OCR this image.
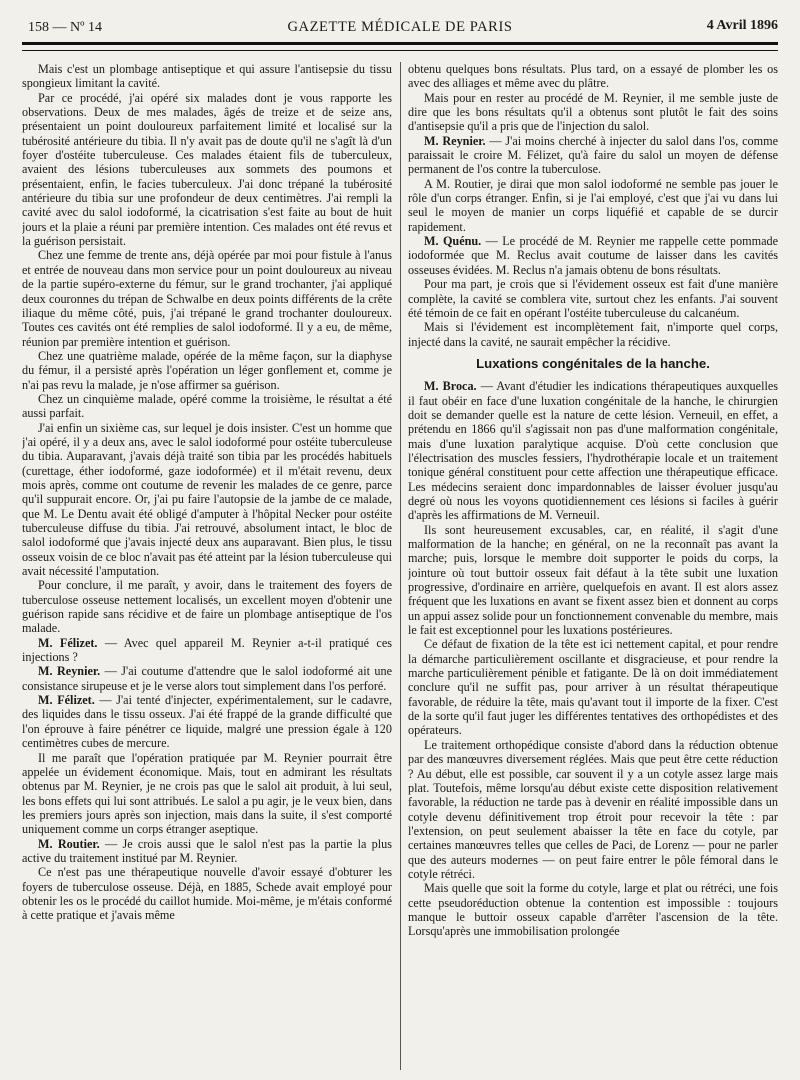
158 — Nº 14	GAZETTE MÉDICALE DE PARIS	4 Avril 1896

Mais c'est un plombage antiseptique et qui assure l'antisepsie du tissu spongieux limitant la cavité.

Par ce procédé, j'ai opéré six malades dont je vous rapporte les observations. Deux de mes malades, âgés de treize et de seize ans, présentaient un point douloureux parfaitement limité et localisé sur la tubérosité antérieure du tibia. Il n'y avait pas de doute qu'il ne s'agît là d'un foyer d'ostéite tuberculeuse. Ces malades étaient fils de tuberculeux, avaient des lésions tuberculeuses aux sommets des poumons et présentaient, enfin, le facies tuberculeux. J'ai donc trépané la tubérosité antérieure du tibia sur une profondeur de deux centimètres. J'ai rempli la cavité avec du salol iodoformé, la cicatrisation s'est faite au bout de huit jours et la plaie a réuni par première intention. Ces malades ont été revus et la guérison persistait.

Chez une femme de trente ans, déjà opérée par moi pour fistule à l'anus et entrée de nouveau dans mon service pour un point douloureux au niveau de la partie supéro-externe du fémur, sur le grand trochanter, j'ai appliqué deux couronnes du trépan de Schwalbe en deux points différents de la crête iliaque du même côté, puis, j'ai trépané le grand trochanter douloureux. Toutes ces cavités ont été remplies de salol iodoformé. Il y a eu, de même, réunion par première intention et guérison.

Chez une quatrième malade, opérée de la même façon, sur la diaphyse du fémur, il a persisté après l'opération un léger gonflement et, comme je n'ai pas revu la malade, je n'ose affirmer sa guérison.

Chez un cinquième malade, opéré comme la troisième, le résultat a été aussi parfait.

J'ai enfin un sixième cas, sur lequel je dois insister. C'est un homme que j'ai opéré, il y a deux ans, avec le salol iodoformé pour ostéite tuberculeuse du tibia. Auparavant, j'avais déjà traité son tibia par les procédés habituels (curettage, éther iodoformé, gaze iodoformée) et il m'était revenu, deux mois après, comme ont coutume de revenir les malades de ce genre, parce qu'il suppurait encore. Or, j'ai pu faire l'autopsie de la jambe de ce malade, que M. Le Dentu avait été obligé d'amputer à l'hôpital Necker pour ostéite tuberculeuse diffuse du tibia. J'ai retrouvé, absolument intact, le bloc de salol iodoformé que j'avais injecté deux ans auparavant. Bien plus, le tissu osseux voisin de ce bloc n'avait pas été atteint par la lésion tuberculeuse qui avait nécessité l'amputation.

Pour conclure, il me paraît, y avoir, dans le traitement des foyers de tuberculose osseuse nettement localisés, un excellent moyen d'obtenir une guérison rapide sans récidive et de faire un plombage antiseptique de l'os malade.

M. Félizet. — Avec quel appareil M. Reynier a-t-il pratiqué ces injections ?

M. Reynier. — J'ai coutume d'attendre que le salol iodoformé ait une consistance sirupeuse et je le verse alors tout simplement dans l'os perforé.

M. Félizet. — J'ai tenté d'injecter, expérimentalement, sur le cadavre, des liquides dans le tissu osseux. J'ai été frappé de la grande difficulté que l'on éprouve à faire pénétrer ce liquide, malgré une pression égale à 120 centimètres cubes de mercure.

Il me paraît que l'opération pratiquée par M. Reynier pourrait être appelée un évidement économique. Mais, tout en admirant les résultats obtenus par M. Reynier, je ne crois pas que le salol ait produit, à lui seul, les bons effets qui lui sont attribués. Le salol a pu agir, je le veux bien, dans les premiers jours après son injection, mais dans la suite, il s'est comporté uniquement comme un corps étranger aseptique.

M. Routier. — Je crois aussi que le salol n'est pas la partie la plus active du traitement institué par M. Reynier.

Ce n'est pas une thérapeutique nouvelle d'avoir essayé d'obturer les foyers de tuberculose osseuse. Déjà, en 1885, Schede avait employé pour obtenir les os le procédé du caillot humide. Moi-même, je m'étais conformé à cette pratique et j'avais même

obtenu quelques bons résultats. Plus tard, on a essayé de plomber les os avec des alliages et même avec du plâtre.

Mais pour en rester au procédé de M. Reynier, il me semble juste de dire que les bons résultats qu'il a obtenus sont plutôt le fait des soins d'antisepsie qu'il a pris que de l'injection du salol.

M. Reynier. — J'ai moins cherché à injecter du salol dans l'os, comme paraissait le croire M. Félizet, qu'à faire du salol un moyen de défense permanent de l'os contre la tuberculose.

A M. Routier, je dirai que mon salol iodoformé ne semble pas jouer le rôle d'un corps étranger. Enfin, si je l'ai employé, c'est que j'ai vu dans lui seul le moyen de manier un corps liquéfié et capable de se durcir rapidement.

M. Quénu. — Le procédé de M. Reynier me rappelle cette pommade iodoformée que M. Reclus avait coutume de laisser dans les cavités osseuses évidées. M. Reclus n'a jamais obtenu de bons résultats.

Pour ma part, je crois que si l'évidement osseux est fait d'une manière complète, la cavité se comblera vite, surtout chez les enfants. J'ai souvent été témoin de ce fait en opérant l'ostéite tuberculeuse du calcanéum.

Mais si l'évidement est incomplètement fait, n'importe quel corps, injecté dans la cavité, ne saurait empêcher la récidive.

Luxations congénitales de la hanche.

M. Broca. — Avant d'étudier les indications thérapeutiques auxquelles il faut obéir en face d'une luxation congénitale de la hanche, le chirurgien doit se demander quelle est la nature de cette lésion. Verneuil, en effet, a prétendu en 1866 qu'il s'agissait non pas d'une malformation congénitale, mais d'une luxation paralytique acquise. D'où cette conclusion que l'électrisation des muscles fessiers, l'hydrothérapie locale et un traitement tonique général constituent pour cette affection une thérapeutique efficace. Les médecins seraient donc impardonnables de laisser évoluer jusqu'au degré où nous les voyons quotidiennement ces lésions si faciles à guérir d'après les affirmations de M. Verneuil.

Ils sont heureusement excusables, car, en réalité, il s'agit d'une malformation de la hanche; en général, on ne la reconnaît pas avant la marche; puis, lorsque le membre doit supporter le poids du corps, la jointure où tout buttoir osseux fait défaut à la tête subit une luxation progressive, d'ordinaire en arrière, quelquefois en avant. Il est alors assez fréquent que les luxations en avant se fixent assez bien et donnent au corps un appui assez solide pour un fonctionnement convenable du membre, mais le fait est exceptionnel pour les luxations postérieures.

Ce défaut de fixation de la tête est ici nettement capital, et pour rendre la démarche particulièrement oscillante et disgracieuse, et pour rendre la marche particulièrement pénible et fatigante. De là on doit immédiatement conclure qu'il ne suffit pas, pour arriver à un résultat thérapeutique favorable, de réduire la tête, mais qu'avant tout il importe de la fixer. C'est de la sorte qu'il faut juger les différentes tentatives des orthopédistes et des opérateurs.

Le traitement orthopédique consiste d'abord dans la réduction obtenue par des manœuvres diversement réglées. Mais que peut être cette réduction ? Au début, elle est possible, car souvent il y a un cotyle assez large mais plat. Toutefois, même lorsqu'au début existe cette disposition relativement favorable, la réduction ne tarde pas à devenir en réalité impossible dans un cotyle devenu définitivement trop étroit pour recevoir la tête : par l'extension, on peut seulement abaisser la tête en face du cotyle, par certaines manœuvres telles que celles de Paci, de Lorenz — pour ne parler que des auteurs modernes — on peut faire entrer le pôle fémoral dans le cotyle rétréci.

Mais quelle que soit la forme du cotyle, large et plat ou rétréci, une fois cette pseudoréduction obtenue la contention est impossible : toujours manque le buttoir osseux capable d'arrêter l'ascension de la tête. Lorsqu'après une immobilisation prolongée
